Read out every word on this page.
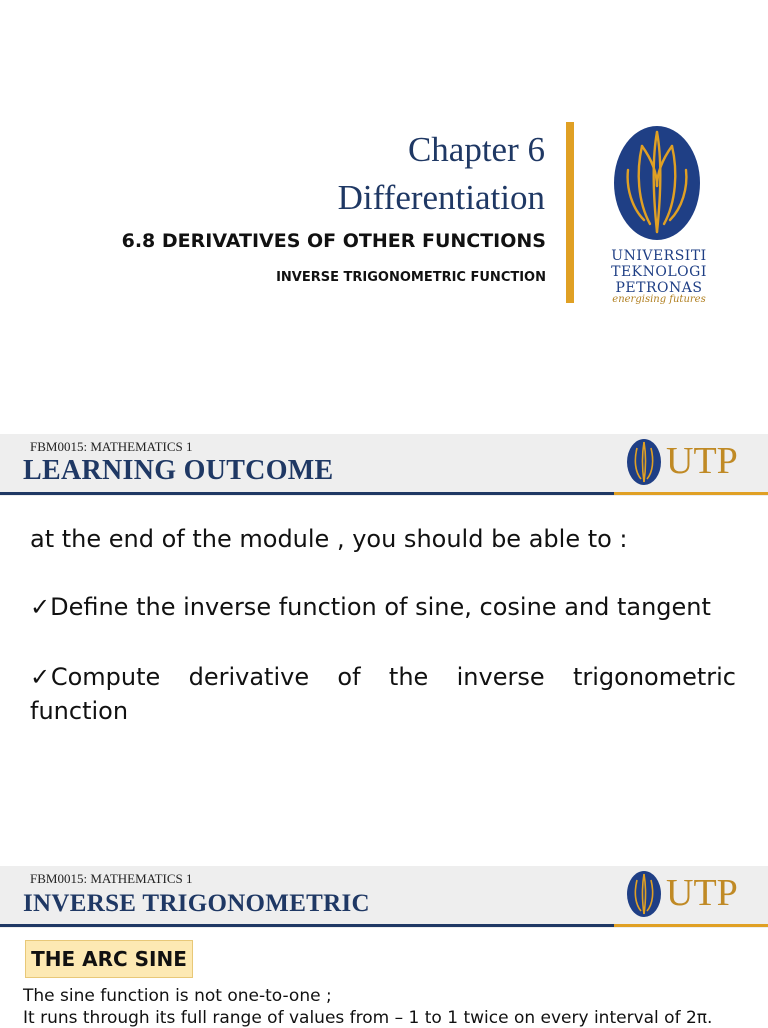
Chapter 6
Differentiation
6.8 DERIVATIVES OF OTHER FUNCTIONS
INVERSE TRIGONOMETRIC FUNCTION
UNIVERSITI
TEKNOLOGI
PETRONAS
energising futures
FBM0015: MATHEMATICS 1
LEARNING OUTCOME	UTP
at the end of the module , you should be able to :
✓Define the inverse function of sine, cosine and tangent
✓Compute derivative of the inverse trigonometric function
FBM0015: MATHEMATICS 1
INVERSE TRIGONOMETRIC	UTP
THE ARC SINE
The sine function is not one-to-one ;
It runs through its full range of values from – 1 to 1 twice on every interval of 2π.
